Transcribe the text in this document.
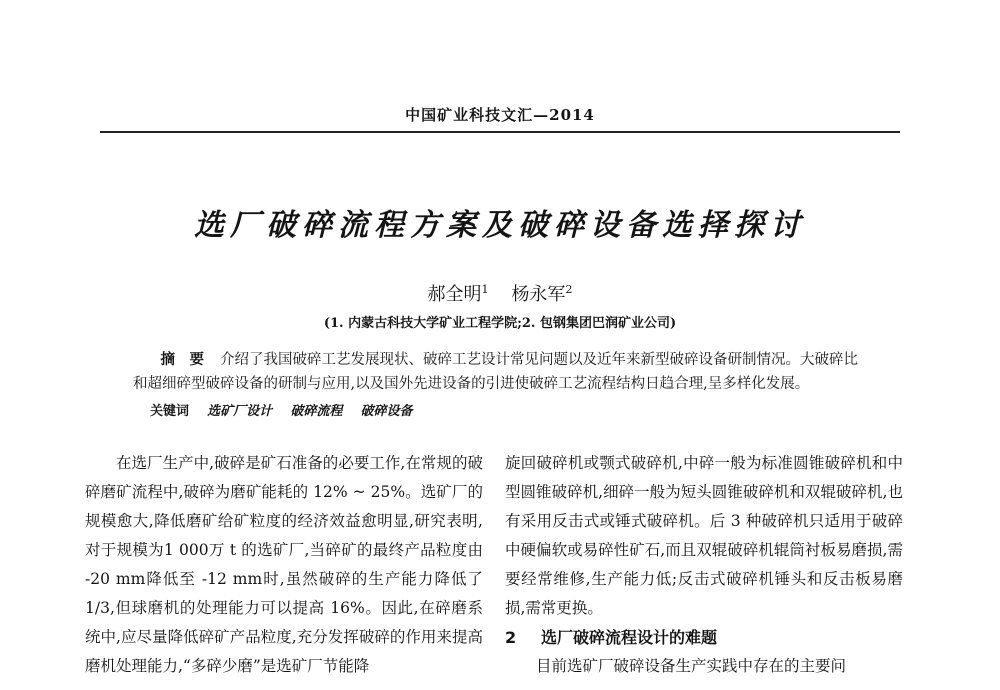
中国矿业科技文汇—2014
选厂破碎流程方案及破碎设备选择探讨
郝全明$^1$ 杨永军$^2$
(1. 内蒙古科技大学矿业工程学院;2. 包钢集团巴润矿业公司)
摘　要 介绍了我国破碎工艺发展现状、破碎工艺设计常见问题以及近年来新型破碎设备研制情况。大破碎比和超细碎型破碎设备的研制与应用,以及国外先进设备的引进使破碎工艺流程结构日趋合理,呈多样化发展。
关键词 选矿厂设计 破碎流程 破碎设备

在选厂生产中,破碎是矿石准备的必要工作,在常规的破碎磨矿流程中,破碎为磨矿能耗的 12% ~ 25%。选矿厂的规模愈大,降低磨矿给矿粒度的经济效益愈明显,研究表明,对于规模为1 000万 t 的选矿厂,当碎矿的最终产品粒度由 -20 mm降低至 -12 mm时,虽然破碎的生产能力降低了 1/3,但球磨机的处理能力可以提高 16%。因此,在碎磨系统中,应尽量降低碎矿产品粒度,充分发挥破碎的作用来提高磨机处理能力,“多碎少磨”是选矿厂节能降

旋回破碎机或颚式破碎机,中碎一般为标准圆锥破碎机和中型圆锥破碎机,细碎一般为短头圆锥破碎机和双辊破碎机,也有采用反击式或锤式破碎机。后 3 种破碎机只适用于破碎中硬偏软或易碎性矿石,而且双辊破碎机辊筒衬板易磨损,需要经常维修,生产能力低;反击式破碎机锤头和反击板易磨损,需常更换。

2 选厂破碎流程设计的难题

目前选矿厂破碎设备生产实践中存在的主要问
